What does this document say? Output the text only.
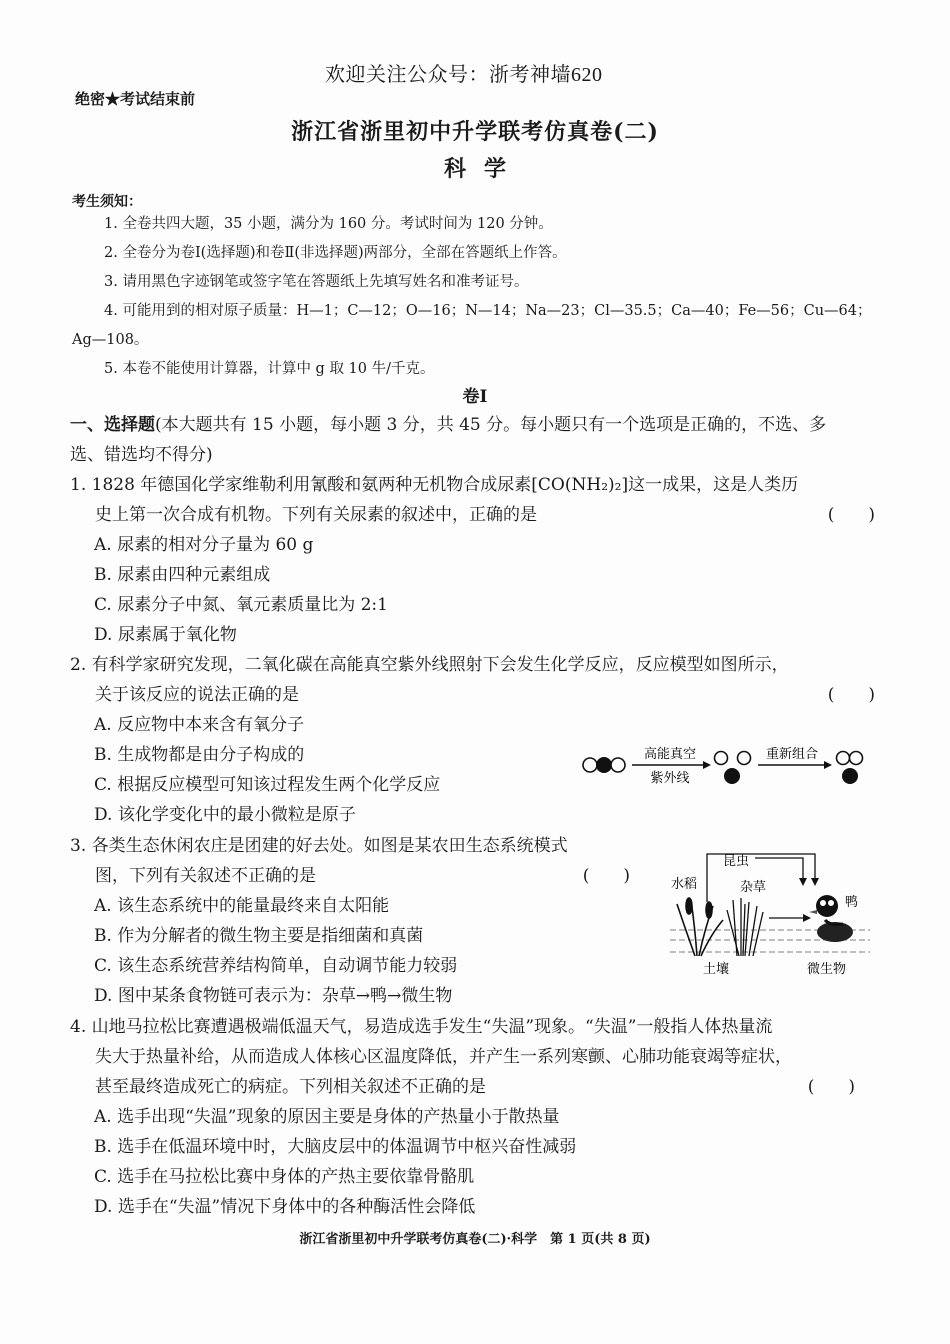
欢迎关注公众号：浙考神墙620
绝密★考试结束前
浙江省浙里初中升学联考仿真卷(二)
科学
考生须知：
1. 全卷共四大题，35 小题，满分为 160 分。考试时间为 120 分钟。
2. 全卷分为卷Ⅰ(选择题)和卷Ⅱ(非选择题)两部分，全部在答题纸上作答。
3. 请用黑色字迹钢笔或签字笔在答题纸上先填写姓名和准考证号。
4. 可能用到的相对原子质量：H—1；C—12；O—16；N—14；Na—23；Cl—35.5；Ca—40；Fe—56；Cu—64；
Ag—108。
5. 本卷不能使用计算器，计算中 g 取 10 牛/千克。
卷Ⅰ
一、选择题(本大题共有 15 小题，每小题 3 分，共 45 分。每小题只有一个选项是正确的，不选、多
选、错选均不得分)
1. 1828 年德国化学家维勒利用氰酸和氨两种无机物合成尿素[CO(NH₂)₂]这一成果，这是人类历
史上第一次合成有机物。下列有关尿素的叙述中，正确的是	(　　)
A. 尿素的相对分子量为 60 g
B. 尿素由四种元素组成
C. 尿素分子中氮、氧元素质量比为 2:1
D. 尿素属于氧化物
2. 有科学家研究发现，二氧化碳在高能真空紫外线照射下会发生化学反应，反应模型如图所示，
关于该反应的说法正确的是	(　　)
A. 反应物中本来含有氧分子
B. 生成物都是由分子构成的
C. 根据反应模型可知该过程发生两个化学反应
D. 该化学变化中的最小微粒是原子
高能真空
紫外线
重新组合
3. 各类生态休闲农庄是团建的好去处。如图是某农田生态系统模式
图，下列有关叙述不正确的是	(　　)
A. 该生态系统中的能量最终来自太阳能
B. 作为分解者的微生物主要是指细菌和真菌
C. 该生态系统营养结构简单，自动调节能力较弱
D. 图中某条食物链可表示为：杂草→鸭→微生物
水稻
昆虫
杂草
鸭
土壤	微生物
4. 山地马拉松比赛遭遇极端低温天气，易造成选手发生“失温”现象。“失温”一般指人体热量流
失大于热量补给，从而造成人体核心区温度降低，并产生一系列寒颤、心肺功能衰竭等症状，
甚至最终造成死亡的病症。下列相关叙述不正确的是	(　　)
A. 选手出现“失温”现象的原因主要是身体的产热量小于散热量
B. 选手在低温环境中时，大脑皮层中的体温调节中枢兴奋性减弱
C. 选手在马拉松比赛中身体的产热主要依靠骨骼肌
D. 选手在“失温”情况下身体中的各种酶活性会降低
浙江省浙里初中升学联考仿真卷(二)·科学　第 1 页(共 8 页)
